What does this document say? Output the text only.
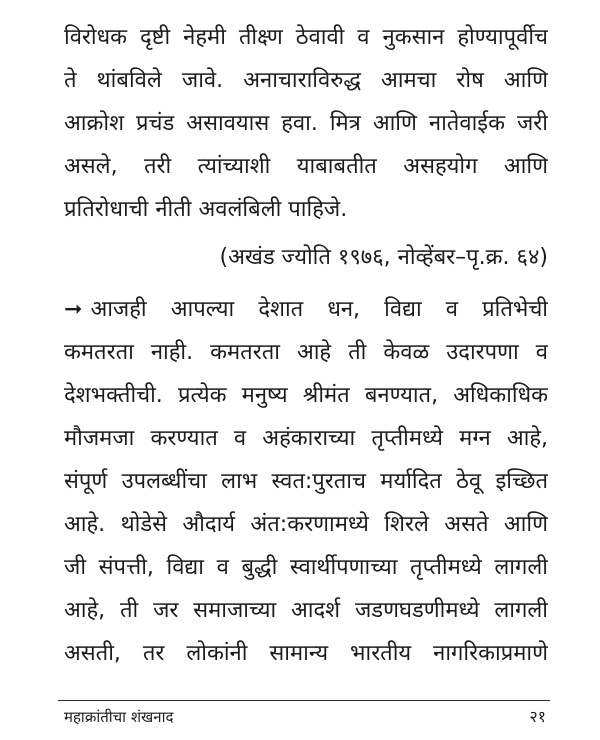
विरोधक दृष्टी नेहमी तीक्ष्ण ठेवावी व नुकसान होण्यापूर्वीच
ते थांबविले जावे. अनाचाराविरुद्ध आमचा रोष आणि
आक्रोश प्रचंड असावयास हवा. मित्र आणि नातेवाईक जरी
असले, तरी त्यांच्याशी याबाबतीत असहयोग आणि
प्रतिरोधाची नीती अवलंबिली पाहिजे.
(अखंड ज्योति १९७६, नोव्हेंबर–पृ.क्र. ६४)
➞ आजही आपल्या देशात धन, विद्या व प्रतिभेची
कमतरता नाही. कमतरता आहे ती केवळ उदारपणा व
देशभक्तीची. प्रत्येक मनुष्य श्रीमंत बनण्यात, अधिकाधिक
मौजमजा करण्यात व अहंकाराच्या तृप्तीमध्ये मग्न आहे,
संपूर्ण उपलब्धींचा लाभ स्वत:पुरताच मर्यादित ठेवू इच्छित
आहे. थोडेसे औदार्य अंत:करणामध्ये शिरले असते आणि
जी संपत्ती, विद्या व बुद्धी स्वार्थीपणाच्या तृप्तीमध्ये लागली
आहे, ती जर समाजाच्या आदर्श जडणघडणीमध्ये लागली
असती, तर लोकांनी सामान्य भारतीय नागरिकाप्रमाणे
महाक्रांतीचा शंखनाद	२१
